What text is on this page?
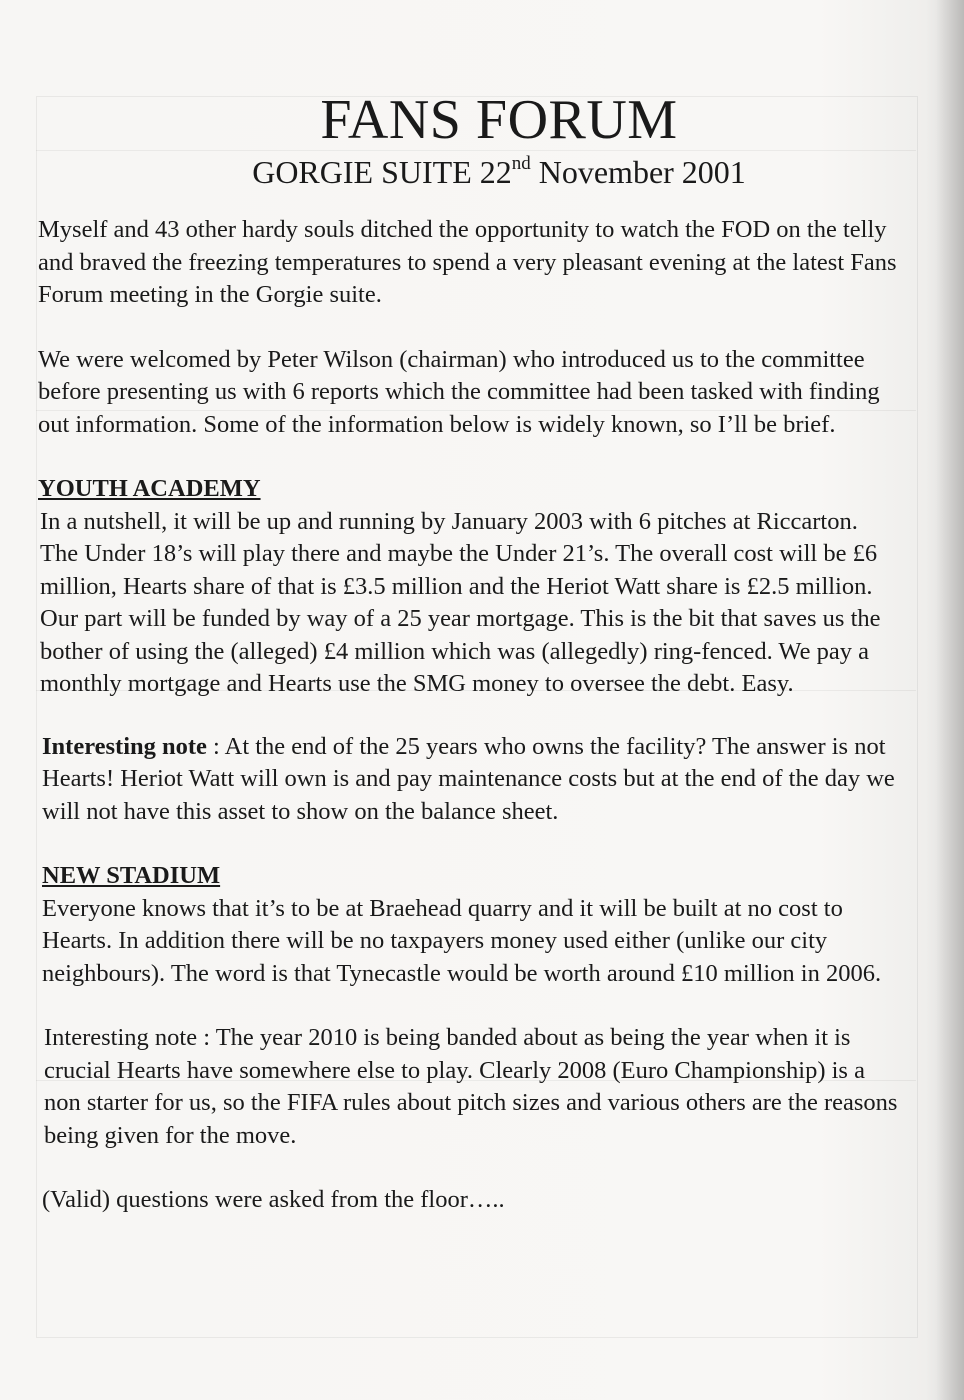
FANS FORUM
GORGIE SUITE 22nd November 2001

Myself and 43 other hardy souls ditched the opportunity to watch the FOD on the telly and braved the freezing temperatures to spend a very pleasant evening at the latest Fans Forum meeting in the Gorgie suite.

We were welcomed by Peter Wilson (chairman) who introduced us to the committee before presenting us with 6 reports which the committee had been tasked with finding out information. Some of the information below is widely known, so I’ll be brief.

YOUTH ACADEMY

In a nutshell, it will be up and running by January 2003 with 6 pitches at Riccarton. The Under 18’s will play there and maybe the Under 21’s. The overall cost will be £6 million, Hearts share of that is £3.5 million and the Heriot Watt share is £2.5 million. Our part will be funded by way of a 25 year mortgage. This is the bit that saves us the bother of using the (alleged) £4 million which was (allegedly) ring-fenced. We pay a monthly mortgage and Hearts use the SMG money to oversee the debt. Easy.

Interesting note : At the end of the 25 years who owns the facility? The answer is not Hearts! Heriot Watt will own is and pay maintenance costs but at the end of the day we will not have this asset to show on the balance sheet.

NEW STADIUM

Everyone knows that it’s to be at Braehead quarry and it will be built at no cost to Hearts. In addition there will be no taxpayers money used either (unlike our city neighbours). The word is that Tynecastle would be worth around £10 million in 2006.

Interesting note : The year 2010 is being banded about as being the year when it is crucial Hearts have somewhere else to play. Clearly 2008 (Euro Championship) is a non starter for us, so the FIFA rules about pitch sizes and various others are the reasons being given for the move.

(Valid) questions were asked from the floor…..
